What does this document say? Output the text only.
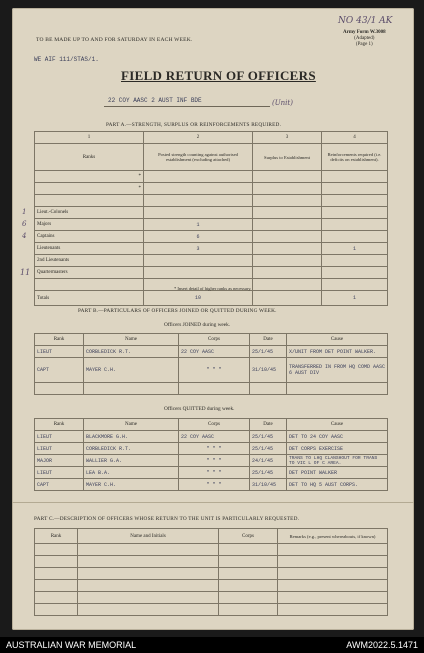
TO BE MADE UP TO AND FOR SATURDAY IN EACH WEEK.
NO 43/1 AK
Army Form W.3008
(Adapted)
(Page 1)
WE AIF 111/STAS/1.
FIELD RETURN OF OFFICERS
22 COY AASC 2 AUST INF BDE	(Unit)
PART A.—STRENGTH, SURPLUS OR REINFORCEMENTS REQUIRED.
1	2	3	4
Ranks	Posted strength counting against authorised establishment (excluding attached)	Surplus to Establishment	Reinforcements required (i.e. deficits on establishment).
*			
*			

Lieut.-Colonels			
Majors	1		
Captains	6		
Lieutenants	3		1
2nd Lieutenants			
Quartermasters			

Totals	10		1
1
6
4
11
* Insert detail of higher ranks as necessary.
PART B.—PARTICULARS OF OFFICERS JOINED OR QUITTED DURING WEEK.
Officers JOINED during week.
Rank	Name	Corps	Date	Cause
LIEUT	CORBLEDICK R.T.	22 COY AASC	25/1/45	X/UNIT FROM DET POINT WALKER.
CAPT	MAYER C.H.	" " "	31/10/45	TRANSFERRED IN FROM HQ COMD AASC 6 AUST DIV

Officers QUITTED during week.
Rank	Name	Corps	Date	Cause
LIEUT	BLACKMORE G.H.	22 COY AASC	25/1/45	DET TO 24 COY AASC
LIEUT	CORBLEDICK R.T.	" " "	25/1/45	DET CORPS EXERCISE
MAJOR	WALLIER G.A.	" " "	24/1/45	TRANS TO LHQ CLANSHOUT FOR TRANS TO VIC L OF C AREA.
LIEUT	LEA B.A.	" " "	25/1/45	DET POINT WALKER
CAPT	MAYER C.H.	" " "	31/10/45	DET TO HQ 5 AUST CORPS.
PART C.—DESCRIPTION OF OFFICERS WHOSE RETURN TO THE UNIT IS PARTICULARLY REQUESTED.
Rank	Name and Initials	Corps	Remarks (e.g., present whereabouts, if known)

AUSTRALIAN WAR MEMORIAL	AWM2022.5.1471
